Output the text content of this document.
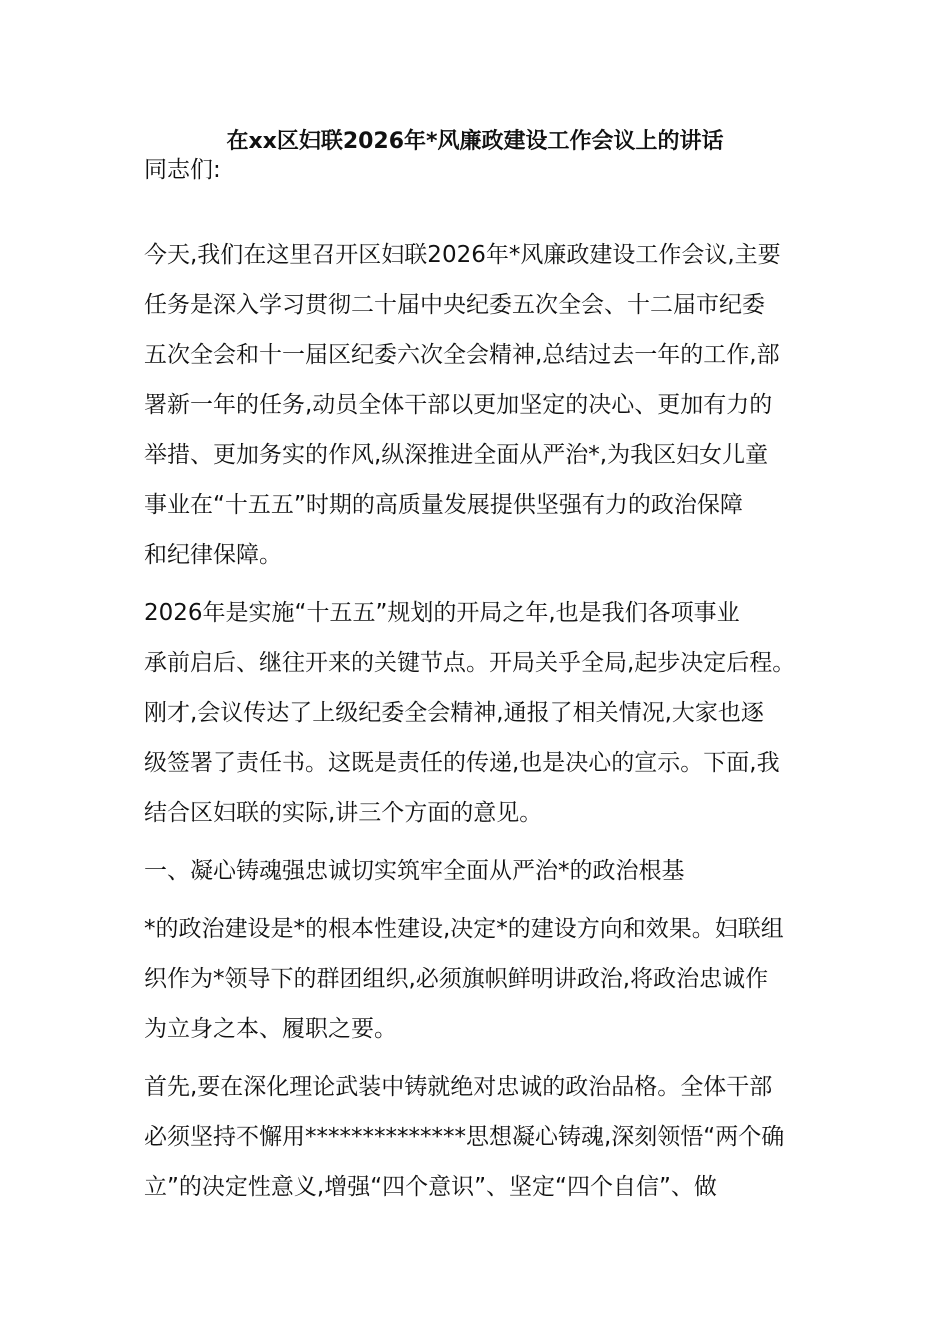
在xx区妇联2026年*风廉政建设工作会议上的讲话
同志们:
今天,我们在这里召开区妇联2026年*风廉政建设工作会议,主要
任务是深入学习贯彻二十届中央纪委五次全会、十二届市纪委
五次全会和十一届区纪委六次全会精神,总结过去一年的工作,部
署新一年的任务,动员全体干部以更加坚定的决心、更加有力的
举措、更加务实的作风,纵深推进全面从严治*,为我区妇女儿童
事业在“十五五”时期的高质量发展提供坚强有力的政治保障
和纪律保障。
2026年是实施“十五五”规划的开局之年,也是我们各项事业
承前启后、继往开来的关键节点。开局关乎全局,起步决定后程。
刚才,会议传达了上级纪委全会精神,通报了相关情况,大家也逐
级签署了责任书。这既是责任的传递,也是决心的宣示。下面,我
结合区妇联的实际,讲三个方面的意见。
一、凝心铸魂强忠诚切实筑牢全面从严治*的政治根基
*的政治建设是*的根本性建设,决定*的建设方向和效果。妇联组
织作为*领导下的群团组织,必须旗帜鲜明讲政治,将政治忠诚作
为立身之本、履职之要。
首先,要在深化理论武装中铸就绝对忠诚的政治品格。全体干部
必须坚持不懈用**************思想凝心铸魂,深刻领悟“两个确
立”的决定性意义,增强“四个意识”、坚定“四个自信”、做
